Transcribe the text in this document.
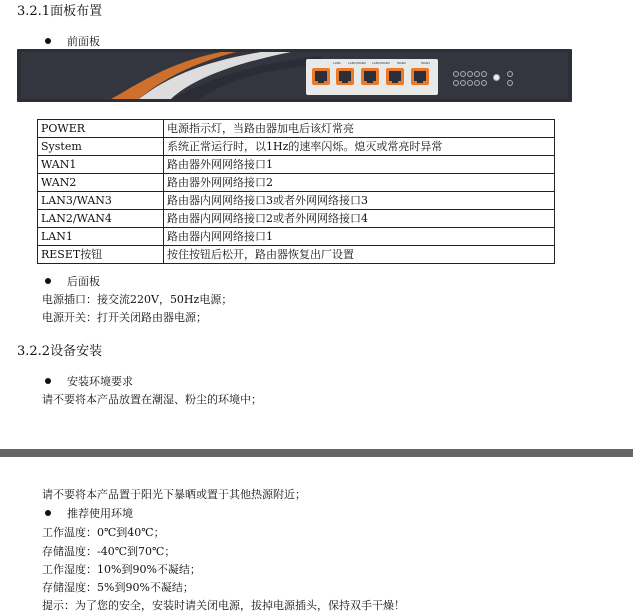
3.2.1面板布置
前面板
LAN1 LAN2/WAN4 LAN3/WAN3 WAN2	WAN1
POWER	电源指示灯，当路由器加电后该灯常亮
System	系统正常运行时，以1Hz的速率闪烁。熄灭或常亮时异常
WAN1	路由器外网网络接口1
WAN2	路由器外网网络接口2
LAN3/WAN3	路由器内网网络接口3或者外网网络接口3
LAN2/WAN4	路由器内网网络接口2或者外网网络接口4
LAN1	路由器内网网络接口1
RESET按钮	按住按钮后松开，路由器恢复出厂设置
后面板
电源插口：接交流220V，50Hz电源；
电源开关：打开关闭路由器电源；
3.2.2设备安装
安装环境要求
请不要将本产品放置在潮湿、粉尘的环境中；
请不要将本产品置于阳光下暴晒或置于其他热源附近；
推荐使用环境
工作温度：0℃到40℃；
存储温度：-40℃到70℃；
工作湿度：10%到90%不凝结；
存储湿度：5%到90%不凝结；
提示：为了您的安全，安装时请关闭电源，拔掉电源插头，保持双手干燥！
